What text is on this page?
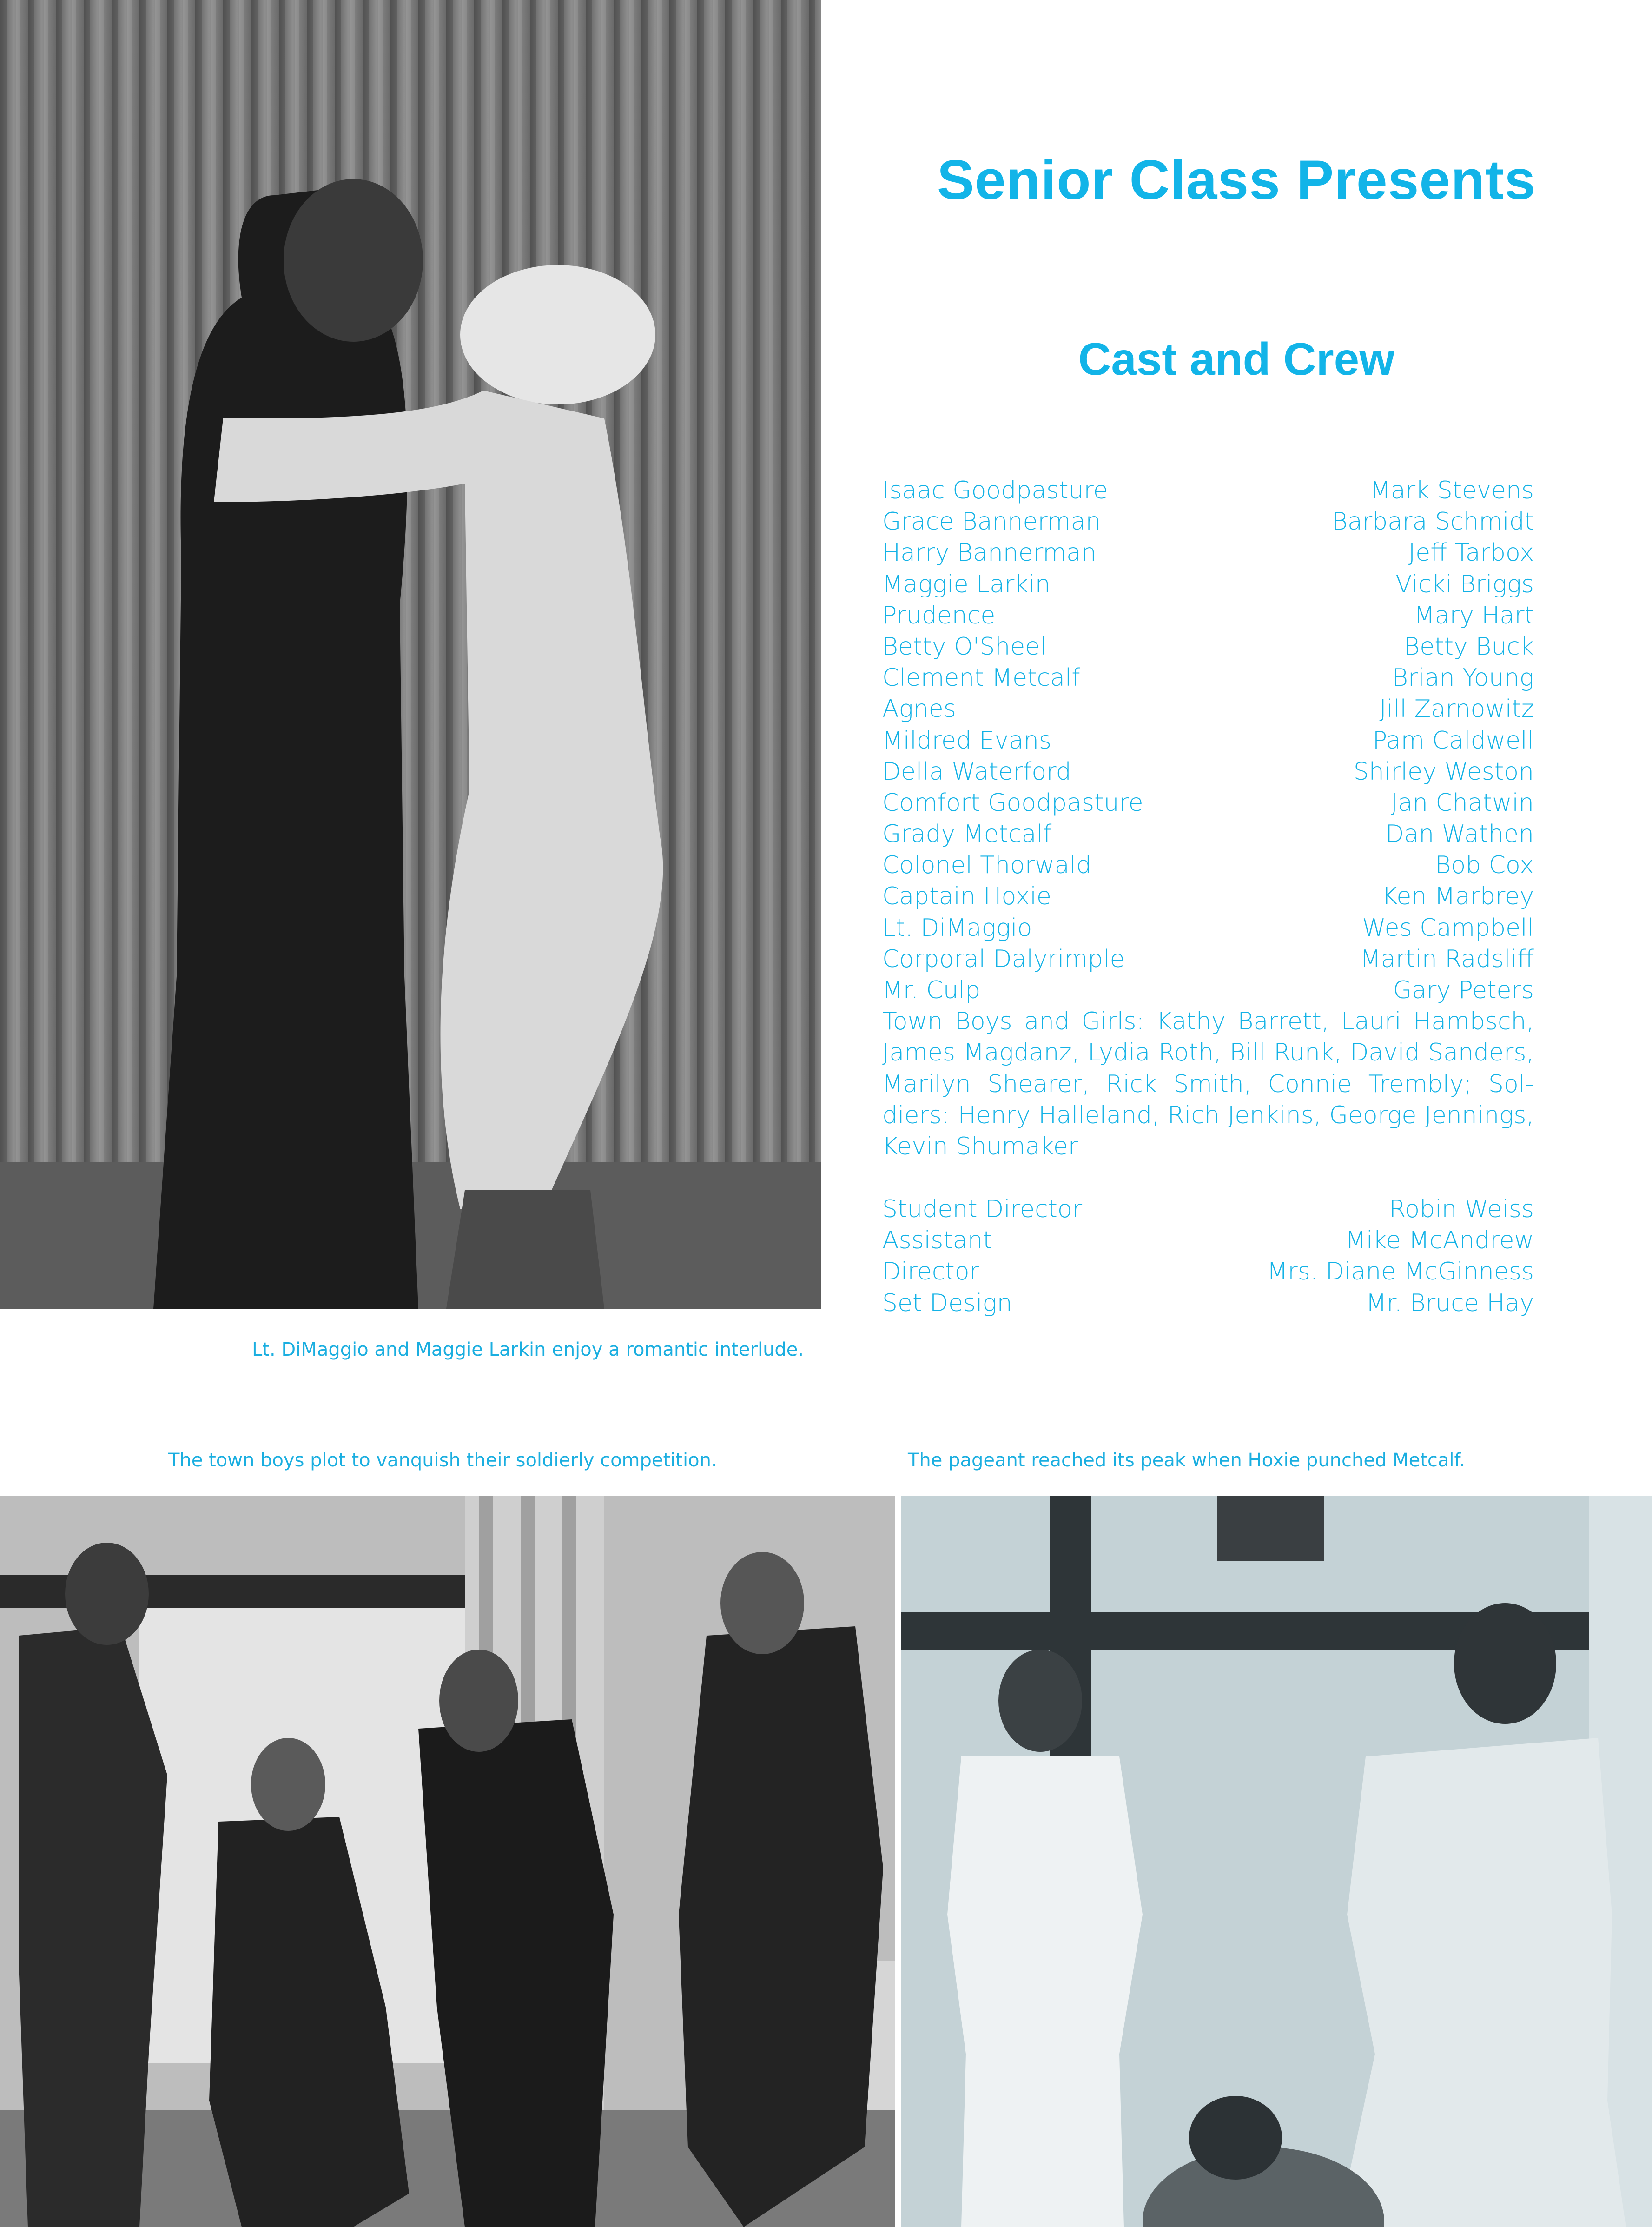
Senior Class Presents
Cast and Crew
Isaac Goodpasture	Mark Stevens
Grace Bannerman	Barbara Schmidt
Harry Bannerman	Jeff Tarbox
Maggie Larkin	Vicki Briggs
Prudence	Mary Hart
Betty O'Sheel	Betty Buck
Clement Metcalf	Brian Young
Agnes	Jill Zarnowitz
Mildred Evans	Pam Caldwell
Della Waterford	Shirley Weston
Comfort Goodpasture	Jan Chatwin
Grady Metcalf	Dan Wathen
Colonel Thorwald	Bob Cox
Captain Hoxie	Ken Marbrey
Lt. DiMaggio	Wes Campbell
Corporal Dalyrimple	Martin Radsliff
Mr. Culp	Gary Peters
Town Boys and Girls: Kathy Barrett, Lauri Hambsch, James Magdanz, Lydia Roth, Bill Runk, David Sanders, Marilyn Shearer, Rick Smith, Connie Trembly; Soldiers: Henry Halleland, Rich Jenkins, George Jennings, Kevin Shumaker
Student Director	Robin Weiss
Assistant	Mike McAndrew
Director	Mrs. Diane McGinness
Set Design	Mr. Bruce Hay
Lt. DiMaggio and Maggie Larkin enjoy a romantic interlude.
The town boys plot to vanquish their soldierly competition.	The pageant reached its peak when Hoxie punched Metcalf.
